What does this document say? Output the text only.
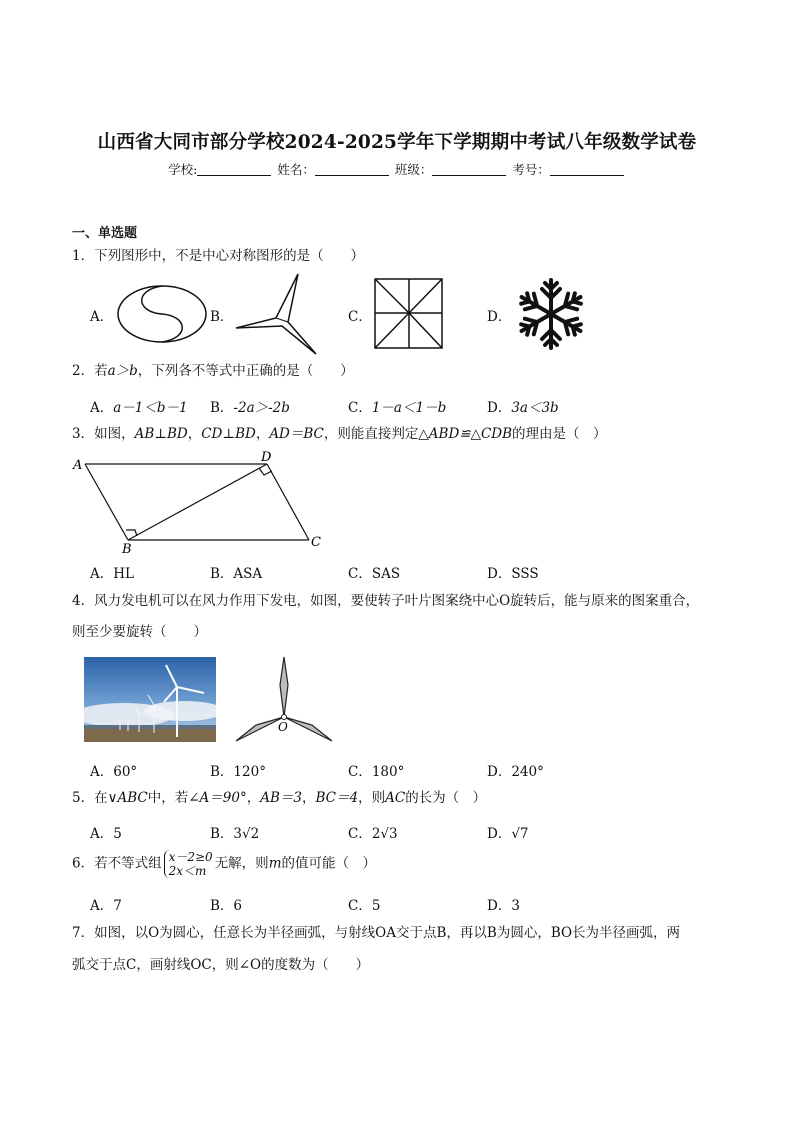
山西省大同市部分学校2024-2025学年下学期期中考试八年级数学试卷
学校:	姓名：	班级：	考号：
一、单选题
1．下列图形中，不是中心对称图形的是（　　）
A．	B．	C．	D．
2．若a＞b，下列各不等式中正确的是（　　）
A．a－1＜b－1 B．-2a＞-2b	C．1－a＜1－b	D．3a＜3b
3．如图，AB⊥BD，CD⊥BD，AD＝BC，则能直接判定△ABD≌△CDB的理由是（　）
A
D
B	C
A．HL	B．ASA	C．SAS	D．SSS
4．风力发电机可以在风力作用下发电，如图，要使转子叶片图案绕中心O旋转后，能与原来的图案重合，
则至少要旋转（　　）
O
A．60°	B．120°	C．180°	D．240°
5．在∨ABC中，若∠A＝90°，AB＝3，BC＝4，则AC的长为（　）
A．5	B．3√2	C．2√3	D．√7
6．若不等式组 x－2≥0
2x＜m 无解，则m的值可能（　）
A．7	B．6	C．5	D．3
7．如图，以O为圆心，任意长为半径画弧，与射线OA交于点B，再以B为圆心，BO长为半径画弧，两
弧交于点C，画射线OC，则∠O的度数为（　　）
